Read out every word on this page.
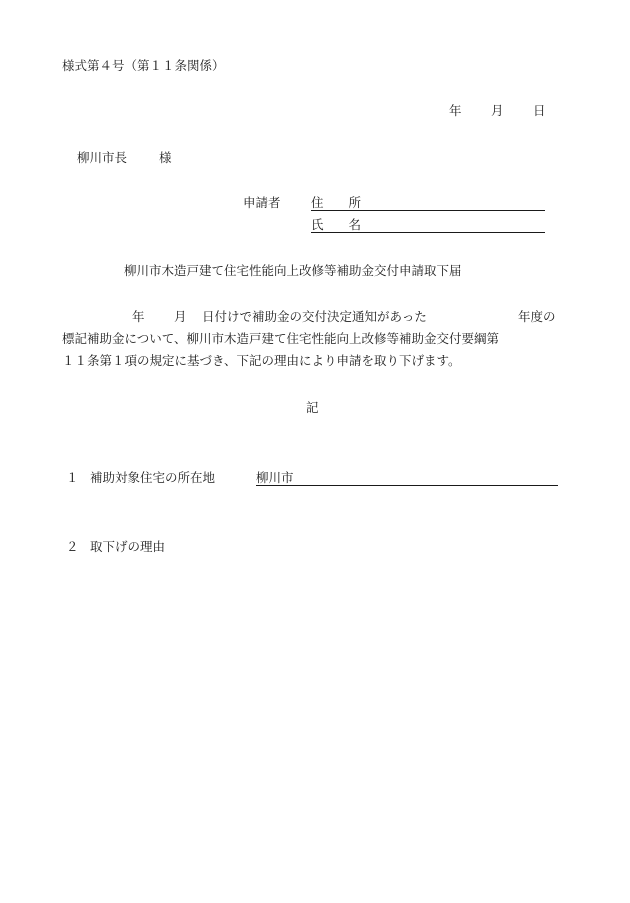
様式第４号（第１１条関係）
年 月 日
柳川市長	様
申請者 住　　所
氏　　名
柳川市木造戸建て住宅性能向上改修等補助金交付申請取下届
年 月 日付けで補助金の交付決定通知があった	年度の
標記補助金について、柳川市木造戸建て住宅性能向上改修等補助金交付要綱第
１１条第１項の規定に基づき、下記の理由により申請を取り下げます。
記
１ 補助対象住宅の所在地	柳川市
２ 取下げの理由
